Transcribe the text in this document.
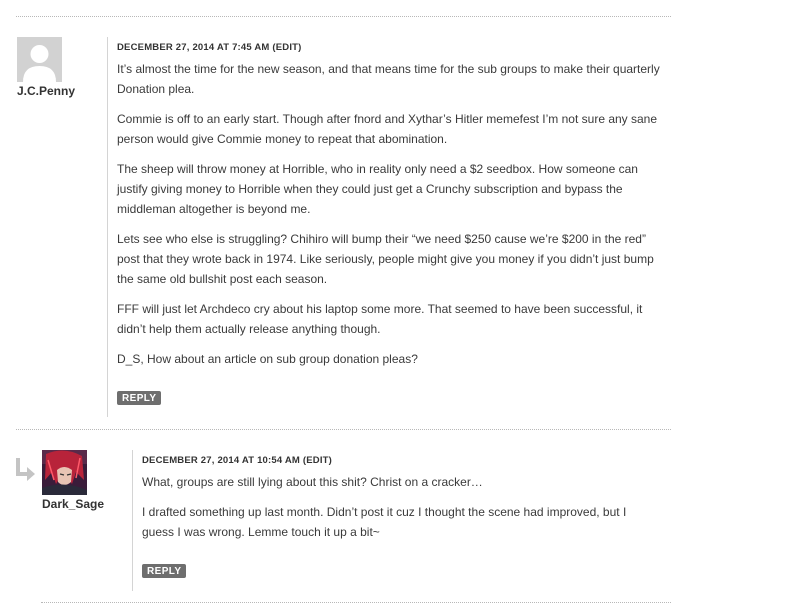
J.C.Penny
DECEMBER 27, 2014 AT 7:45 AM (EDIT)

It’s almost the time for the new season, and that means time for the sub groups to make their quarterly Donation plea.

Commie is off to an early start. Though after fnord and Xythar’s Hitler memefest I’m not sure any sane person would give Commie money to repeat that abomination.

The sheep will throw money at Horrible, who in reality only need a $2 seedbox. How someone can justify giving money to Horrible when they could just get a Crunchy subscription and bypass the middleman altogether is beyond me.

Lets see who else is struggling? Chihiro will bump their “we need $250 cause we’re $200 in the red” post that they wrote back in 1974. Like seriously, people might give you money if you didn’t just bump the same old bullshit post each season.

FFF will just let Archdeco cry about his laptop some more. That seemed to have been successful, it didn’t help them actually release anything though.

D_S, How about an article on sub group donation pleas?

REPLY
Dark_Sage
DECEMBER 27, 2014 AT 10:54 AM (EDIT)

What, groups are still lying about this shit? Christ on a cracker…

I drafted something up last month. Didn’t post it cuz I thought the scene had improved, but I guess I was wrong. Lemme touch it up a bit~

REPLY
